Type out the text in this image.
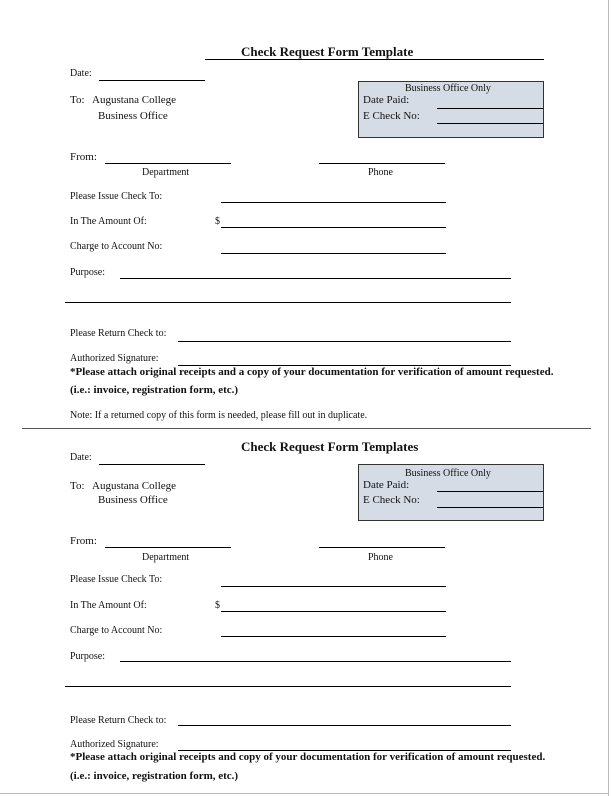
Check Request Form Template
Date:
To: Augustana College
Business Office
Business Office Only
Date Paid:
E Check No:
From:
Department	Phone
Please Issue Check To:
In The Amount Of:	$
Charge to Account No:
Purpose:
Please Return Check to:
Authorized Signature:
*Please attach original receipts and a copy of your documentation for verification of amount requested.
(i.e.: invoice, registration form, etc.)
Note: If a returned copy of this form is needed, please fill out in duplicate.
Check Request Form Templates
Date:
To: Augustana College
Business Office
Business Office Only
Date Paid:
E Check No:
From:
Department	Phone
Please Issue Check To:
In The Amount Of:	$
Charge to Account No:
Purpose:
Please Return Check to:
Authorized Signature:
*Please attach original receipts and copy of your documentation for verification of amount requested.
(i.e.: invoice, registration form, etc.)
